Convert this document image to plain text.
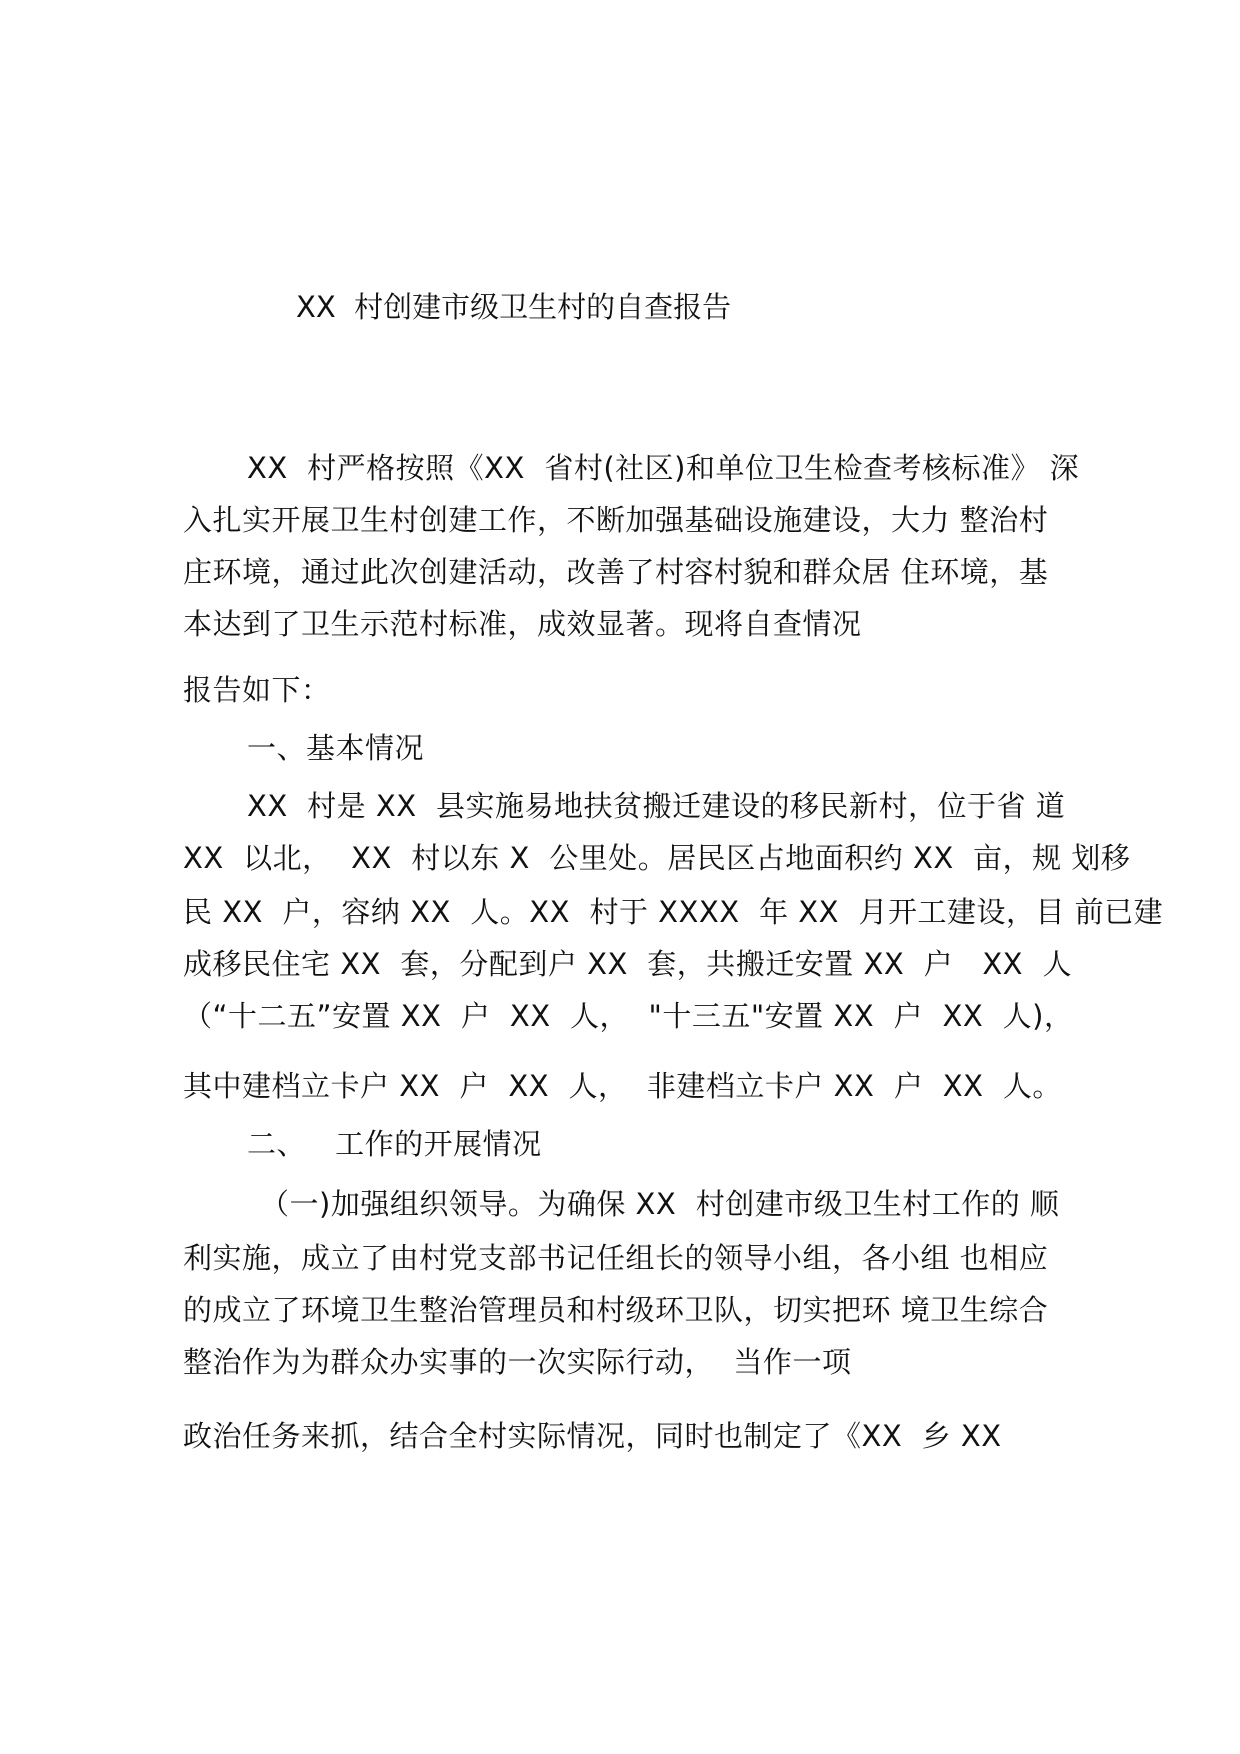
XX  村创建市级卫生村的自查报告
XX  村严格按照《XX  省村(社区)和单位卫生检查考核标准》 深
入扎实开展卫生村创建工作，不断加强基础设施建设，大力 整治村
庄环境，通过此次创建活动，改善了村容村貌和群众居 住环境，基
本达到了卫生示范村标准，成效显著。现将自查情况
报告如下：
一、基本情况
XX  村是 XX  县实施易地扶贫搬迁建设的移民新村，位于省 道
XX  以北，  XX  村以东 X  公里处。居民区占地面积约 XX  亩，规 划移
民 XX  户，容纳 XX  人。XX  村于 XXXX  年 XX  月开工建设，目 前已建
成移民住宅 XX  套，分配到户 XX  套，共搬迁安置 XX  户   XX  人
（“十二五”安置 XX  户  XX  人，  "十三五"安置 XX  户  XX  人)，
其中建档立卡户 XX  户  XX  人，  非建档立卡户 XX  户  XX  人。
二、   工作的开展情况
（一)加强组织领导。为确保 XX  村创建市级卫生村工作的 顺
利实施，成立了由村党支部书记任组长的领导小组，各小组 也相应
的成立了环境卫生整治管理员和村级环卫队，切实把环 境卫生综合
整治作为为群众办实事的一次实际行动，  当作一项
政治任务来抓，结合全村实际情况，同时也制定了《XX  乡 XX
